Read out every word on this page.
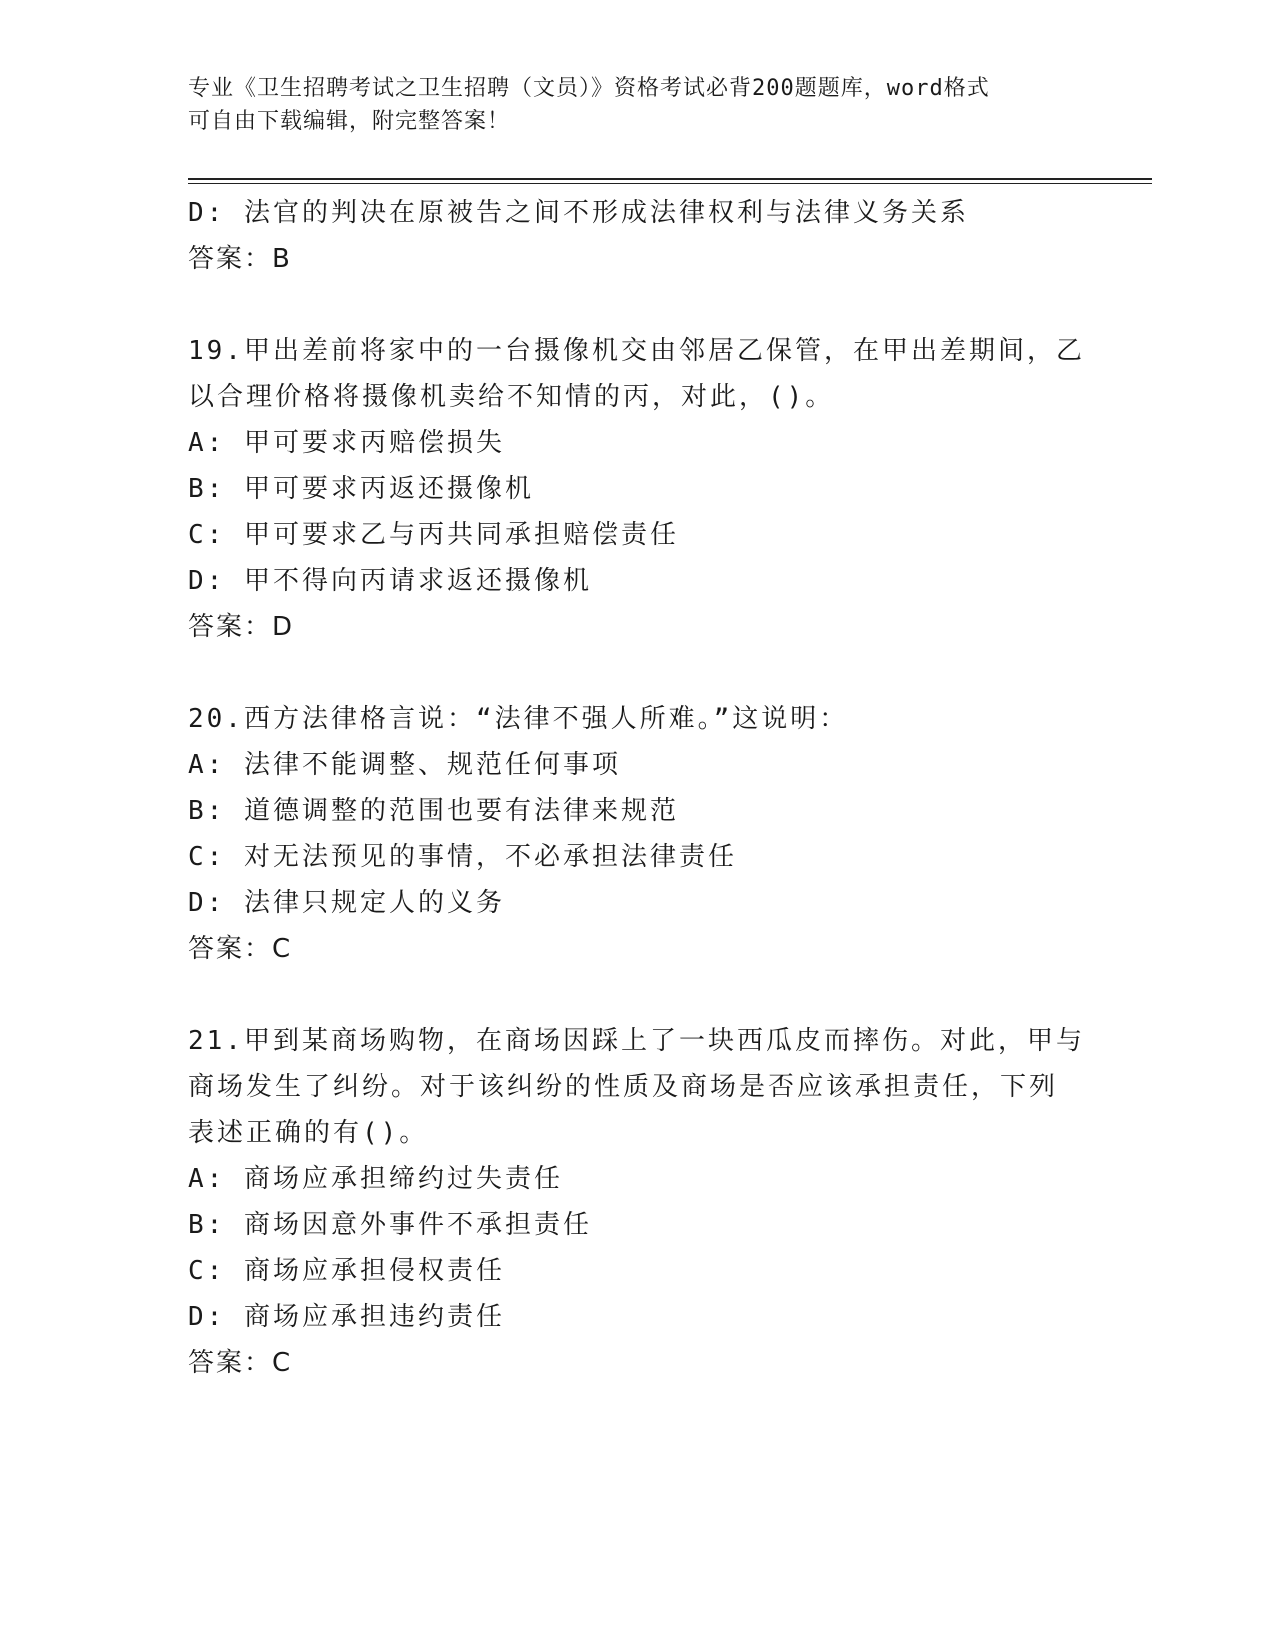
专业《卫生招聘考试之卫生招聘（文员）》资格考试必背200题题库，word格式
可自由下载编辑，附完整答案！
D: 法官的判决在原被告之间不形成法律权利与法律义务关系
答案：B
19.甲出差前将家中的一台摄像机交由邻居乙保管，在甲出差期间，乙
以合理价格将摄像机卖给不知情的丙，对此，()。
A: 甲可要求丙赔偿损失
B: 甲可要求丙返还摄像机
C: 甲可要求乙与丙共同承担赔偿责任
D: 甲不得向丙请求返还摄像机
答案：D
20.西方法律格言说：“法律不强人所难。”这说明：
A: 法律不能调整、规范任何事项
B: 道德调整的范围也要有法律来规范
C: 对无法预见的事情，不必承担法律责任
D: 法律只规定人的义务
答案：C
21.甲到某商场购物，在商场因踩上了一块西瓜皮而摔伤。对此，甲与
商场发生了纠纷。对于该纠纷的性质及商场是否应该承担责任，下列
表述正确的有()。
A: 商场应承担缔约过失责任
B: 商场因意外事件不承担责任
C: 商场应承担侵权责任
D: 商场应承担违约责任
答案：C
